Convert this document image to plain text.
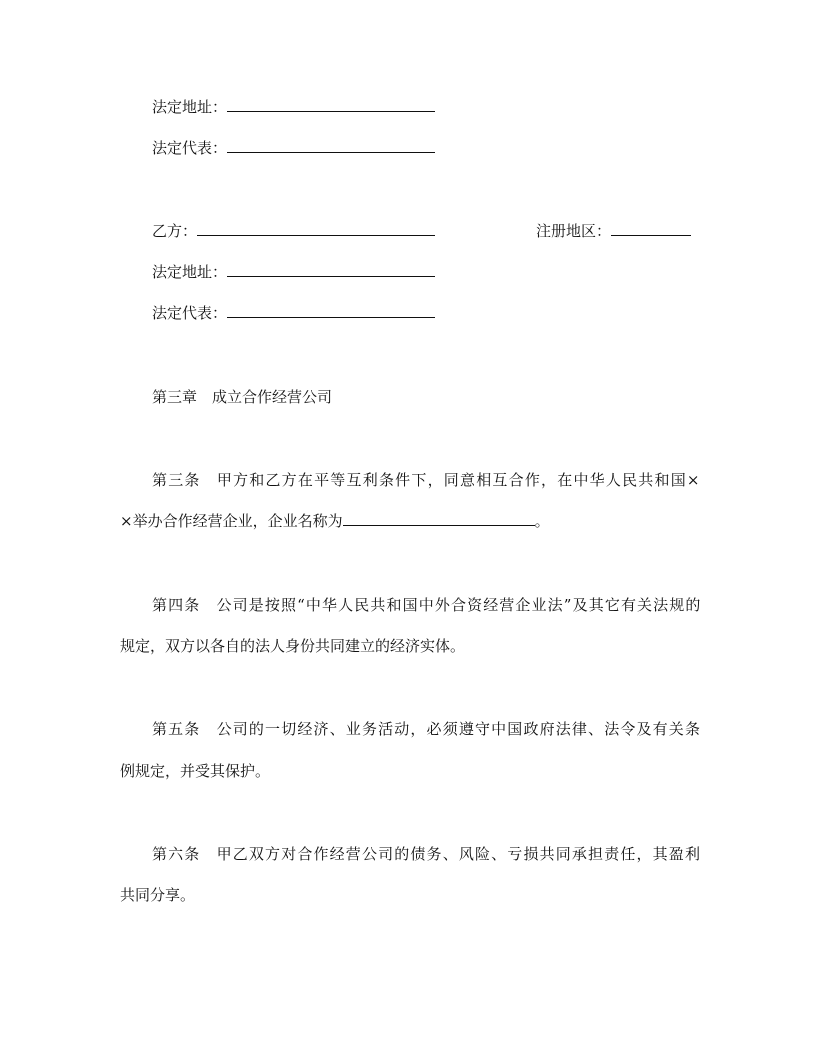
法定地址：
法定代表：
乙方：	注册地区：
法定地址：
法定代表：
第三章　成立合作经营公司
第三条　甲方和乙方在平等互利条件下，同意相互合作，在中华人民共和国×
×举办合作经营企业，企业名称为	。
第四条　公司是按照“中华人民共和国中外合资经营企业法”及其它有关法规的
规定，双方以各自的法人身份共同建立的经济实体。
第五条　公司的一切经济、业务活动，必须遵守中国政府法律、法令及有关条
例规定，并受其保护。
第六条　甲乙双方对合作经营公司的债务、风险、亏损共同承担责任，其盈利
共同分享。
